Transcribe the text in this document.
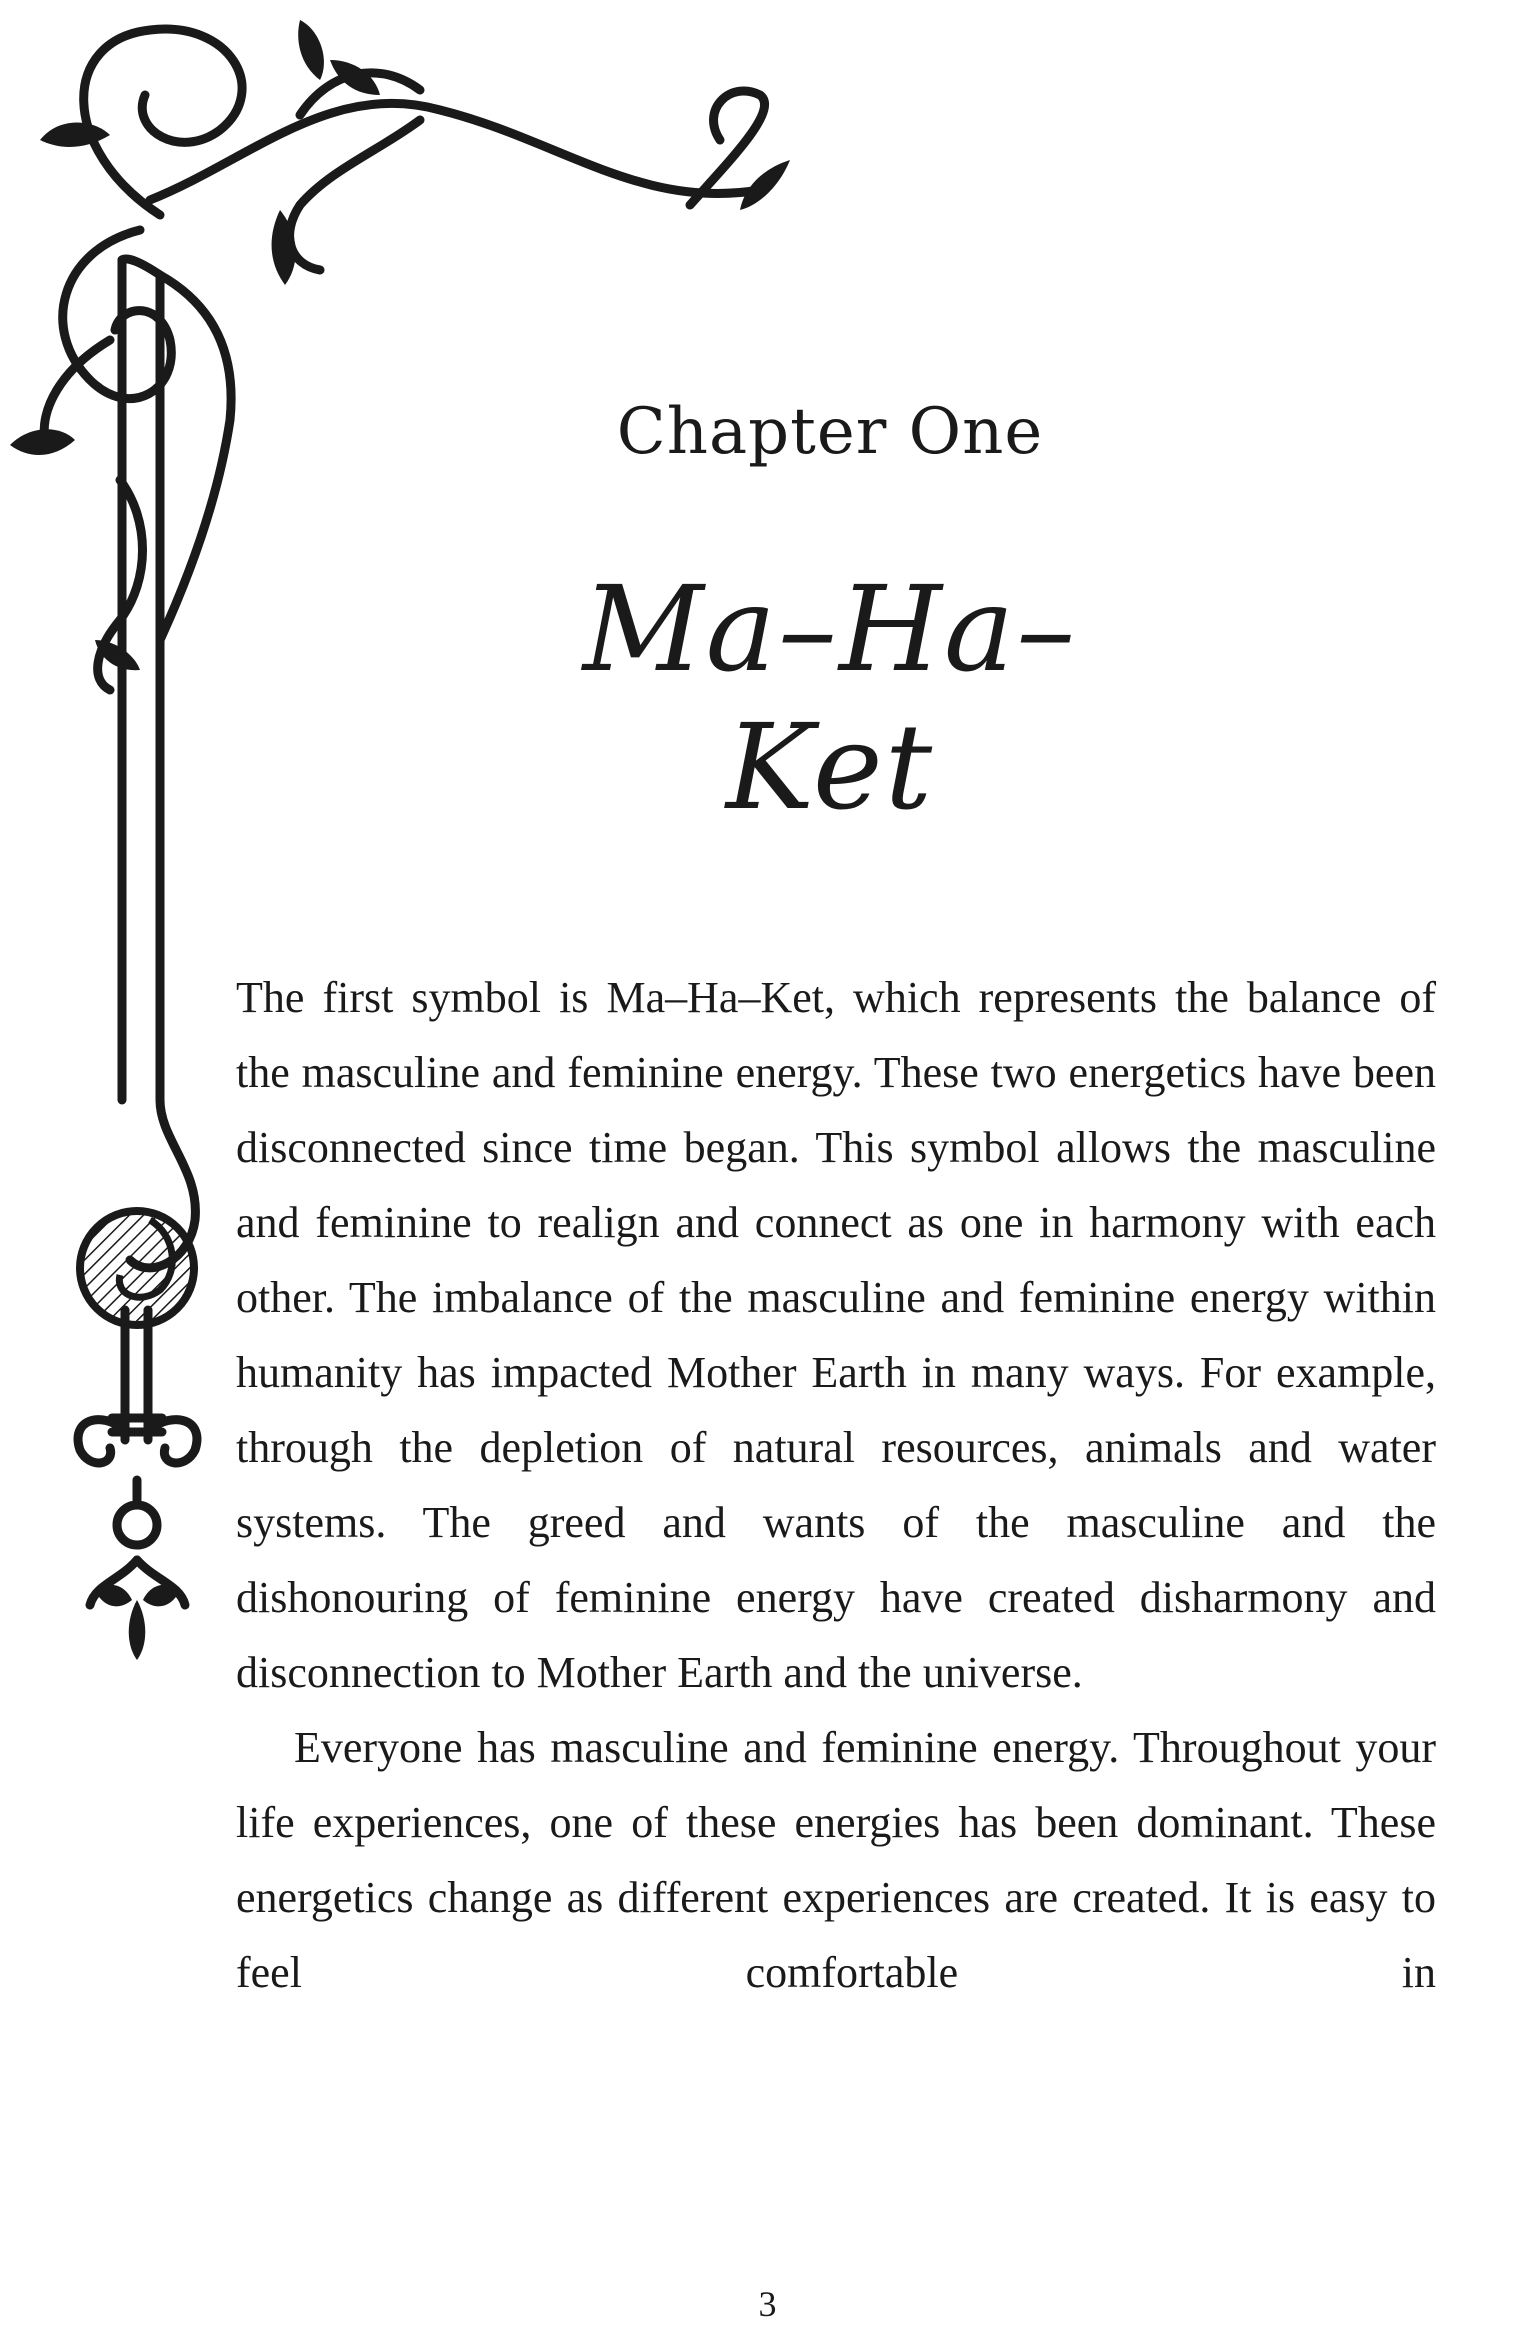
Chapter One
Ma–Ha–Ket

The first symbol is Ma–Ha–Ket, which represents the balance of the masculine and feminine energy. These two energetics have been disconnected since time began. This symbol allows the masculine and feminine to realign and connect as one in harmony with each other. The imbalance of the masculine and feminine energy within humanity has impacted Mother Earth in many ways. For example, through the depletion of natural resources, animals and water systems. The greed and wants of the masculine and the dishonouring of feminine energy have created disharmony and disconnection to Mother Earth and the universe.

Everyone has masculine and feminine energy. Throughout your life experiences, one of these energies has been dominant. These energetics change as different experiences are created. It is easy to feel comfortable in

3
